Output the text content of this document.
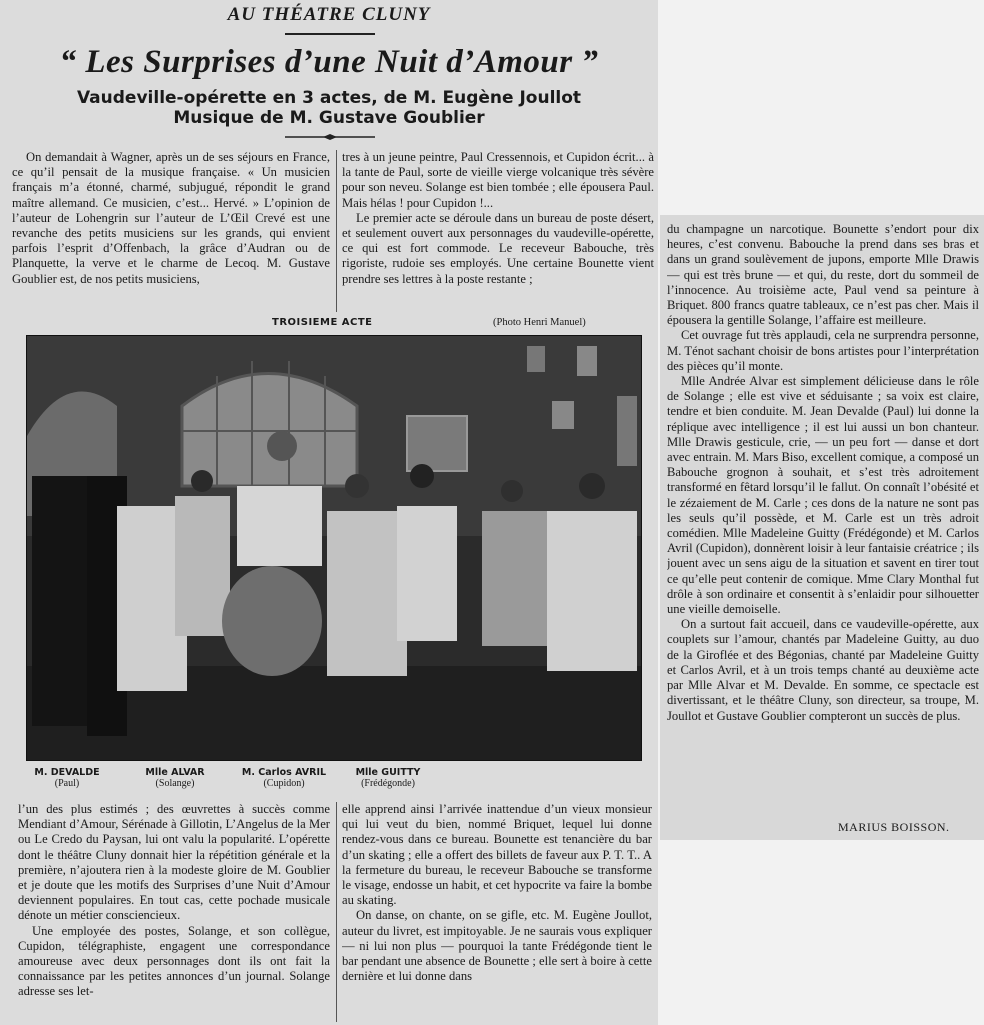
AU THÉATRE CLUNY
“ Les Surprises d’une Nuit d’Amour ”
Vaudeville-opérette en 3 actes, de M. Eugène Joullot
Musique de M. Gustave Goublier

On demandait à Wagner, après un de ses séjours en France, ce qu’il pensait de la musique française. « Un musicien français m’a étonné, charmé, subjugué, répondit le grand maître allemand. Ce musicien, c’est... Hervé. » L’opinion de l’auteur de Lohengrin sur l’auteur de L’Œil Crevé est une revanche des petits musiciens sur les grands, qui envient parfois l’esprit d’Offenbach, la grâce d’Audran ou de Planquette, la verve et le charme de Lecoq. M. Gustave Goublier est, de nos petits musiciens,

tres à un jeune peintre, Paul Cressennois, et Cupidon écrit... à la tante de Paul, sorte de vieille vierge volcanique très sévère pour son neveu. Solange est bien tombée ; elle épousera Paul. Mais hélas ! pour Cupidon !...

Le premier acte se déroule dans un bureau de poste désert, et seulement ouvert aux personnages du vaudeville-opérette, ce qui est fort commode. Le receveur Babouche, très rigoriste, rudoie ses employés. Une certaine Bounette vient prendre ses lettres à la poste restante ;

TROISIEME ACTE	(Photo Henri Manuel)
M. DEVALDE
(Paul)
Mlle ALVAR
(Solange)
M. Carlos AVRIL
(Cupidon)
Mlle GUITTY
(Frédégonde)

du champagne un narcotique. Bounette s’endort pour dix heures, c’est convenu. Babouche la prend dans ses bras et dans un grand soulèvement de jupons, emporte Mlle Drawis — qui est très brune — et qui, du reste, dort du sommeil de l’innocence. Au troisième acte, Paul vend sa peinture à Briquet. 800 francs quatre tableaux, ce n’est pas cher. Mais il épousera la gentille Solange, l’affaire est meilleure.

Cet ouvrage fut très applaudi, cela ne surprendra personne, M. Ténot sachant choisir de bons artistes pour l’interprétation des pièces qu’il monte.

Mlle Andrée Alvar est simplement délicieuse dans le rôle de Solange ; elle est vive et séduisante ; sa voix est claire, tendre et bien conduite. M. Jean Devalde (Paul) lui donne la réplique avec intelligence ; il est lui aussi un bon chanteur. Mlle Drawis gesticule, crie, — un peu fort — danse et dort avec entrain. M. Mars Biso, excellent comique, a composé un Babouche grognon à souhait, et s’est très adroitement transformé en fêtard lorsqu’il le fallut. On connaît l’obésité et le zézaiement de M. Carle ; ces dons de la nature ne sont pas les seuls qu’il possède, et M. Carle est un très adroit comédien. Mlle Madeleine Guitty (Frédégonde) et M. Carlos Avril (Cupidon), donnèrent loisir à leur fantaisie créatrice ; ils jouent avec un sens aigu de la situation et savent en tirer tout ce qu’elle peut contenir de comique. Mme Clary Monthal fut drôle à son ordinaire et consentit à s’enlaidir pour silhouetter une vieille demoiselle.

On a surtout fait accueil, dans ce vaudeville-opérette, aux couplets sur l’amour, chantés par Madeleine Guitty, au duo de la Giroflée et des Bégonias, chanté par Madeleine Guitty et Carlos Avril, et à un trois temps chanté au deuxième acte par Mlle Alvar et M. Devalde. En somme, ce spectacle est divertissant, et le théâtre Cluny, son directeur, sa troupe, M. Joullot et Gustave Goublier compteront un succès de plus.

MARIUS BOISSON.

l’un des plus estimés ; des œuvrettes à succès comme Mendiant d’Amour, Sérénade à Gillotin, L’Angelus de la Mer ou Le Credo du Paysan, lui ont valu la popularité. L’opérette dont le théâtre Cluny donnait hier la répétition générale et la première, n’ajoutera rien à la modeste gloire de M. Goublier et je doute que les motifs des Surprises d’une Nuit d’Amour deviennent populaires. En tout cas, cette pochade musicale dénote un métier consciencieux.

Une employée des postes, Solange, et son collègue, Cupidon, télégraphiste, engagent une correspondance amoureuse avec deux personnages dont ils ont fait la connaissance par les petites annonces d’un journal. Solange adresse ses let-

elle apprend ainsi l’arrivée inattendue d’un vieux monsieur qui lui veut du bien, nommé Briquet, lequel lui donne rendez-vous dans ce bureau. Bounette est tenancière du bar d’un skating ; elle a offert des billets de faveur aux P. T. T.. A la fermeture du bureau, le receveur Babouche se transforme le visage, endosse un habit, et cet hypocrite va faire la bombe au skating.

On danse, on chante, on se gifle, etc. M. Eugène Joullot, auteur du livret, est impitoyable. Je ne saurais vous expliquer — ni lui non plus — pourquoi la tante Frédégonde tient le bar pendant une absence de Bounette ; elle sert à boire à cette dernière et lui donne dans
